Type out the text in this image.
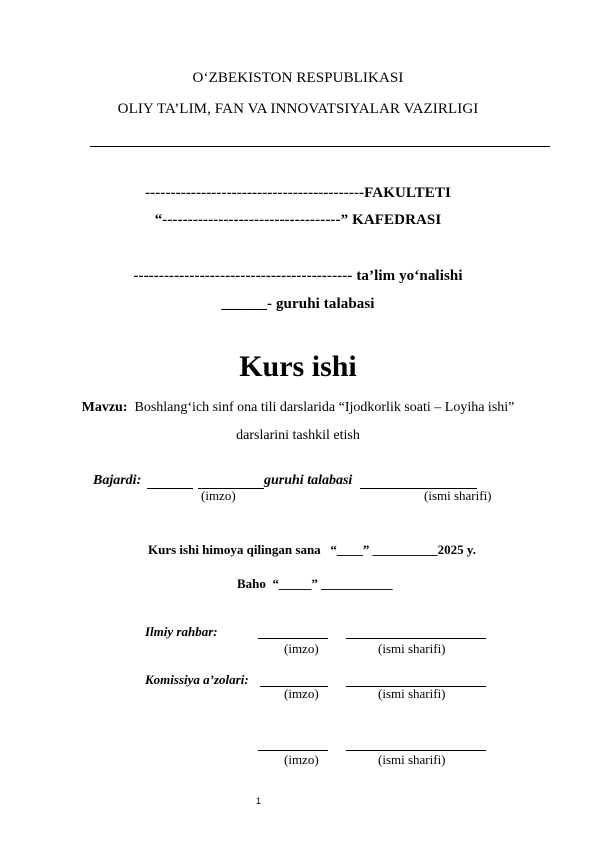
O‘ZBEKISTON RESPUBLIKASI
OLIY TA’LIM, FAN VA INNOVATSIYALAR VAZIRLIGI
-------------------------------------------FAKULTETI
“-----------------------------------” KAFEDRASI
------------------------------------------- ta’lim yo‘nalishi
______- guruhi talabasi
Kurs ishi
Mavzu: Boshlang‘ich sinf ona tili darslarida “Ijodkorlik soati – Loyiha ishi”
darslarini tashkil etish
Bajardi:	guruhi talabasi
(imzo)	(ismi sharifi)
Kurs ishi himoya qilingan sana “____” __________2025 y.
Baho “_____” ___________
Ilmiy rahbar:
(imzo)	(ismi sharifi)
Komissiya a’zolari:
(imzo)	(ismi sharifi)
(imzo)	(ismi sharifi)
1
